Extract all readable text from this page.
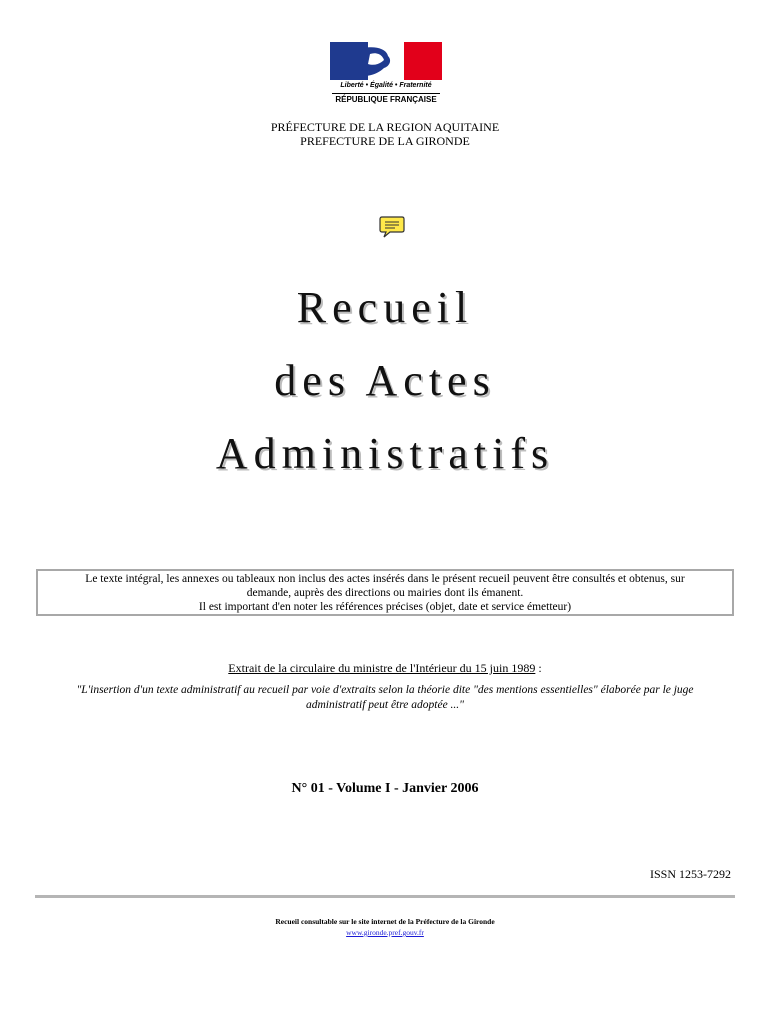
Liberté • Égalité • Fraternité
RÉPUBLIQUE FRANÇAISE
PRÉFECTURE DE LA REGION AQUITAINE
PREFECTURE DE LA GIRONDE
Recueil
des Actes
Administratifs
Le texte intégral, les annexes ou tableaux non inclus des actes insérés dans le présent recueil peuvent être consultés et obtenus, sur
demande, auprès des directions ou mairies dont ils émanent.
Il est important d'en noter les références précises (objet, date et service émetteur)
Extrait de la circulaire du ministre de l'Intérieur du 15 juin 1989 :
"L'insertion d'un texte administratif au recueil par voie d'extraits selon la théorie dite "des mentions essentielles" élaborée par le juge
administratif peut être adoptée ..."
N° 01 - Volume I - Janvier 2006
ISSN 1253-7292
Recueil consultable sur le site internet de la Préfecture de la Gironde
www.gironde.pref.gouv.fr
